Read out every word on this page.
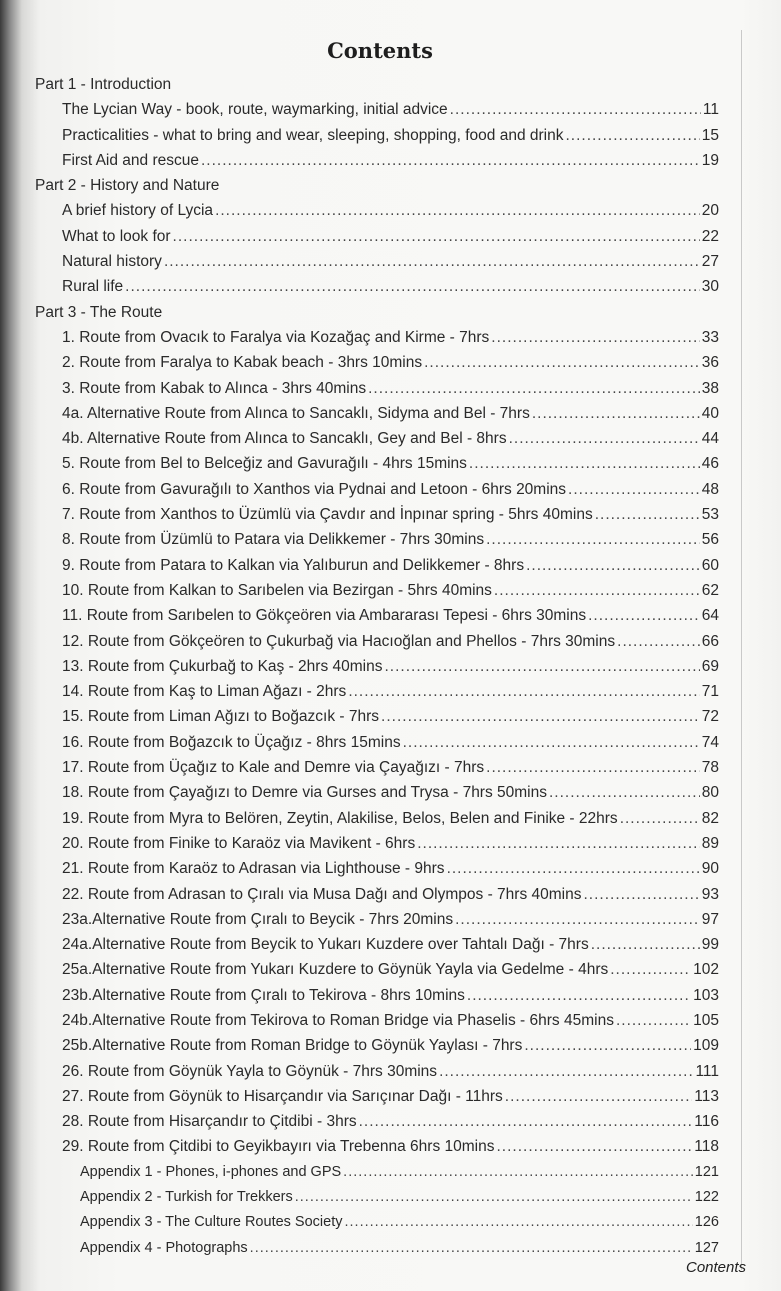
Contents
Part 1 - Introduction
The Lycian Way - book, route, waymarking, initial advice .....	11
Practicalities - what to bring and wear, sleeping, shopping, food and drink .....	15
First Aid and rescue .....	19
Part 2 - History and Nature
A brief history of Lycia .....	20
What to look for .....	22
Natural history .....	27
Rural life .....	30
Part 3 - The Route
1. Route from Ovacık to Faralya via Kozağaç and Kirme - 7hrs .....	33
2. Route from Faralya to Kabak beach - 3hrs 10mins .....	36
3. Route from Kabak to Alınca - 3hrs 40mins .....	38
4a. Alternative Route from Alınca to Sancaklı, Sidyma and Bel - 7hrs .....	40
4b. Alternative Route from Alınca to Sancaklı, Gey and Bel - 8hrs .....	44
5. Route from Bel to Belceğiz and Gavurağılı - 4hrs 15mins .....	46
6. Route from Gavurağılı to Xanthos via Pydnai and Letoon - 6hrs 20mins .....	48
7. Route from Xanthos to Üzümlü via Çavdır and İnpınar spring - 5hrs 40mins .....	53
8. Route from Üzümlü to Patara via Delikkemer - 7hrs 30mins .....	56
9. Route from Patara to Kalkan via Yalıburun and Delikkemer - 8hrs .....	60
10. Route from Kalkan to Sarıbelen via Bezirgan - 5hrs 40mins .....	62
11. Route from Sarıbelen to Gökçeören via Ambararası Tepesi - 6hrs 30mins .....	64
12. Route from Gökçeören to Çukurbağ via Hacıoğlan and Phellos - 7hrs 30mins .....	66
13. Route from Çukurbağ to Kaş - 2hrs 40mins .....	69
14. Route from Kaş to Liman Ağazı - 2hrs .....	71
15. Route from Liman Ağızı to Boğazcık - 7hrs .....	72
16. Route from Boğazcık to Üçağız - 8hrs 15mins .....	74
17. Route from Üçağız to Kale and Demre via Çayağızı - 7hrs .....	78
18. Route from Çayağızı to Demre via Gurses and Trysa - 7hrs 50mins .....	80
19. Route from Myra to Belören, Zeytin, Alakilise, Belos, Belen and Finike - 22hrs .....	82
20. Route from Finike to Karaöz via Mavikent - 6hrs .....	89
21. Route from Karaöz to Adrasan via Lighthouse - 9hrs .....	90
22. Route from Adrasan to Çıralı via Musa Dağı and Olympos - 7hrs 40mins .....	93
23a.Alternative Route from Çıralı to Beycik - 7hrs 20mins .....	97
24a.Alternative Route from Beycik to Yukarı Kuzdere over Tahtalı Dağı - 7hrs .....	99
25a.Alternative Route from Yukarı Kuzdere to Göynük Yayla via Gedelme - 4hrs .....	102
23b.Alternative Route from Çıralı to Tekirova - 8hrs 10mins .....	103
24b.Alternative Route from Tekirova to Roman Bridge via Phaselis - 6hrs 45mins .....	105
25b.Alternative Route from Roman Bridge to Göynük Yaylası - 7hrs .....	109
26. Route from Göynük Yayla to Göynük - 7hrs 30mins .....	111
27. Route from Göynük to Hisarçandır via Sarıçınar Dağı - 11hrs .....	113
28. Route from Hisarçandır to Çitdibi - 3hrs .....	116
29. Route from Çitdibi to Geyikbayırı via Trebenna 6hrs 10mins .....	118
Appendix 1 - Phones, i-phones and GPS .....	121
Appendix 2 - Turkish for Trekkers .....	122
Appendix 3 - The Culture Routes Society .....	126
Appendix 4 - Photographs .....	127
Contents
